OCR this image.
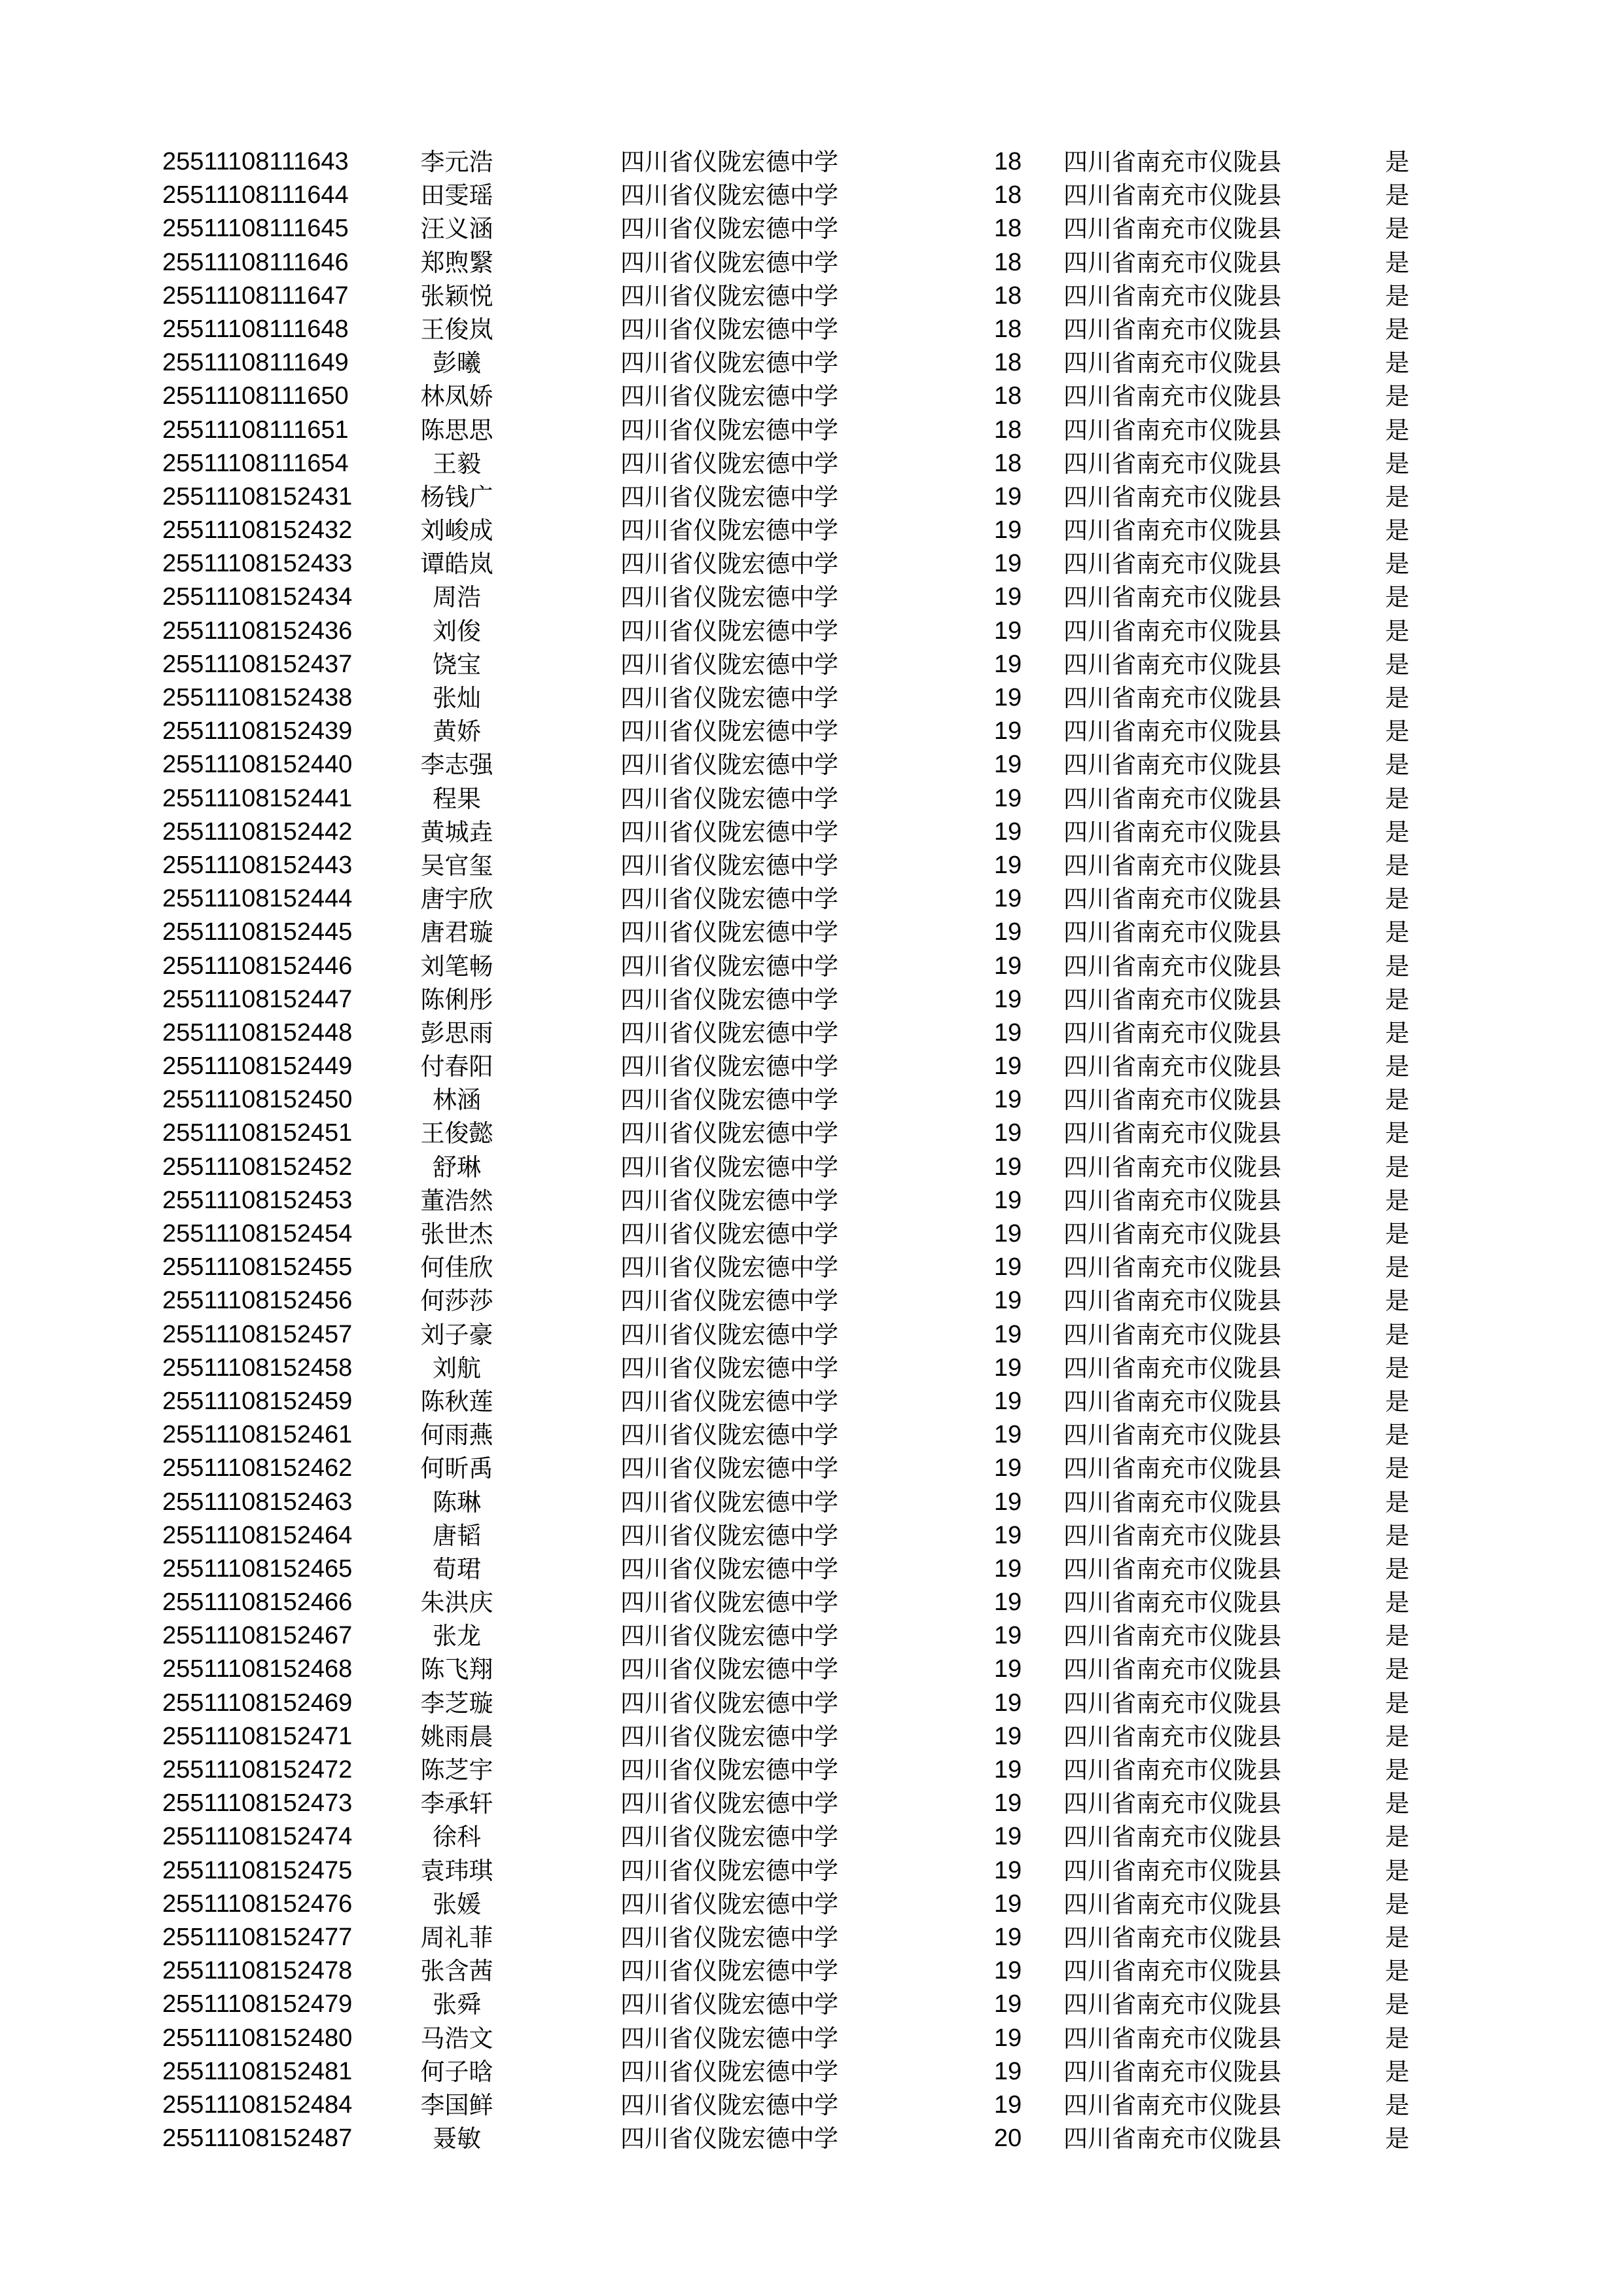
25511108111643	李元浩	四川省仪陇宏德中学	18	四川省南充市仪陇县	是
25511108111644	田雯瑶	四川省仪陇宏德中学	18	四川省南充市仪陇县	是
25511108111645	汪义涵	四川省仪陇宏德中学	18	四川省南充市仪陇县	是
25511108111646	郑煦繄	四川省仪陇宏德中学	18	四川省南充市仪陇县	是
25511108111647	张颖悦	四川省仪陇宏德中学	18	四川省南充市仪陇县	是
25511108111648	王俊岚	四川省仪陇宏德中学	18	四川省南充市仪陇县	是
25511108111649	彭曦	四川省仪陇宏德中学	18	四川省南充市仪陇县	是
25511108111650	林凤娇	四川省仪陇宏德中学	18	四川省南充市仪陇县	是
25511108111651	陈思思	四川省仪陇宏德中学	18	四川省南充市仪陇县	是
25511108111654	王毅	四川省仪陇宏德中学	18	四川省南充市仪陇县	是
25511108152431	杨钱广	四川省仪陇宏德中学	19	四川省南充市仪陇县	是
25511108152432	刘峻成	四川省仪陇宏德中学	19	四川省南充市仪陇县	是
25511108152433	谭皓岚	四川省仪陇宏德中学	19	四川省南充市仪陇县	是
25511108152434	周浩	四川省仪陇宏德中学	19	四川省南充市仪陇县	是
25511108152436	刘俊	四川省仪陇宏德中学	19	四川省南充市仪陇县	是
25511108152437	饶宝	四川省仪陇宏德中学	19	四川省南充市仪陇县	是
25511108152438	张灿	四川省仪陇宏德中学	19	四川省南充市仪陇县	是
25511108152439	黄娇	四川省仪陇宏德中学	19	四川省南充市仪陇县	是
25511108152440	李志强	四川省仪陇宏德中学	19	四川省南充市仪陇县	是
25511108152441	程果	四川省仪陇宏德中学	19	四川省南充市仪陇县	是
25511108152442	黄城垚	四川省仪陇宏德中学	19	四川省南充市仪陇县	是
25511108152443	吴官玺	四川省仪陇宏德中学	19	四川省南充市仪陇县	是
25511108152444	唐宇欣	四川省仪陇宏德中学	19	四川省南充市仪陇县	是
25511108152445	唐君璇	四川省仪陇宏德中学	19	四川省南充市仪陇县	是
25511108152446	刘笔畅	四川省仪陇宏德中学	19	四川省南充市仪陇县	是
25511108152447	陈俐彤	四川省仪陇宏德中学	19	四川省南充市仪陇县	是
25511108152448	彭思雨	四川省仪陇宏德中学	19	四川省南充市仪陇县	是
25511108152449	付春阳	四川省仪陇宏德中学	19	四川省南充市仪陇县	是
25511108152450	林涵	四川省仪陇宏德中学	19	四川省南充市仪陇县	是
25511108152451	王俊懿	四川省仪陇宏德中学	19	四川省南充市仪陇县	是
25511108152452	舒琳	四川省仪陇宏德中学	19	四川省南充市仪陇县	是
25511108152453	董浩然	四川省仪陇宏德中学	19	四川省南充市仪陇县	是
25511108152454	张世杰	四川省仪陇宏德中学	19	四川省南充市仪陇县	是
25511108152455	何佳欣	四川省仪陇宏德中学	19	四川省南充市仪陇县	是
25511108152456	何莎莎	四川省仪陇宏德中学	19	四川省南充市仪陇县	是
25511108152457	刘子豪	四川省仪陇宏德中学	19	四川省南充市仪陇县	是
25511108152458	刘航	四川省仪陇宏德中学	19	四川省南充市仪陇县	是
25511108152459	陈秋莲	四川省仪陇宏德中学	19	四川省南充市仪陇县	是
25511108152461	何雨燕	四川省仪陇宏德中学	19	四川省南充市仪陇县	是
25511108152462	何昕禹	四川省仪陇宏德中学	19	四川省南充市仪陇县	是
25511108152463	陈琳	四川省仪陇宏德中学	19	四川省南充市仪陇县	是
25511108152464	唐韬	四川省仪陇宏德中学	19	四川省南充市仪陇县	是
25511108152465	荀珺	四川省仪陇宏德中学	19	四川省南充市仪陇县	是
25511108152466	朱洪庆	四川省仪陇宏德中学	19	四川省南充市仪陇县	是
25511108152467	张龙	四川省仪陇宏德中学	19	四川省南充市仪陇县	是
25511108152468	陈飞翔	四川省仪陇宏德中学	19	四川省南充市仪陇县	是
25511108152469	李芝璇	四川省仪陇宏德中学	19	四川省南充市仪陇县	是
25511108152471	姚雨晨	四川省仪陇宏德中学	19	四川省南充市仪陇县	是
25511108152472	陈芝宇	四川省仪陇宏德中学	19	四川省南充市仪陇县	是
25511108152473	李承轩	四川省仪陇宏德中学	19	四川省南充市仪陇县	是
25511108152474	徐科	四川省仪陇宏德中学	19	四川省南充市仪陇县	是
25511108152475	袁玮琪	四川省仪陇宏德中学	19	四川省南充市仪陇县	是
25511108152476	张媛	四川省仪陇宏德中学	19	四川省南充市仪陇县	是
25511108152477	周礼菲	四川省仪陇宏德中学	19	四川省南充市仪陇县	是
25511108152478	张含茜	四川省仪陇宏德中学	19	四川省南充市仪陇县	是
25511108152479	张舜	四川省仪陇宏德中学	19	四川省南充市仪陇县	是
25511108152480	马浩文	四川省仪陇宏德中学	19	四川省南充市仪陇县	是
25511108152481	何子晗	四川省仪陇宏德中学	19	四川省南充市仪陇县	是
25511108152484	李国鲜	四川省仪陇宏德中学	19	四川省南充市仪陇县	是
25511108152487	聂敏	四川省仪陇宏德中学	20	四川省南充市仪陇县	是
